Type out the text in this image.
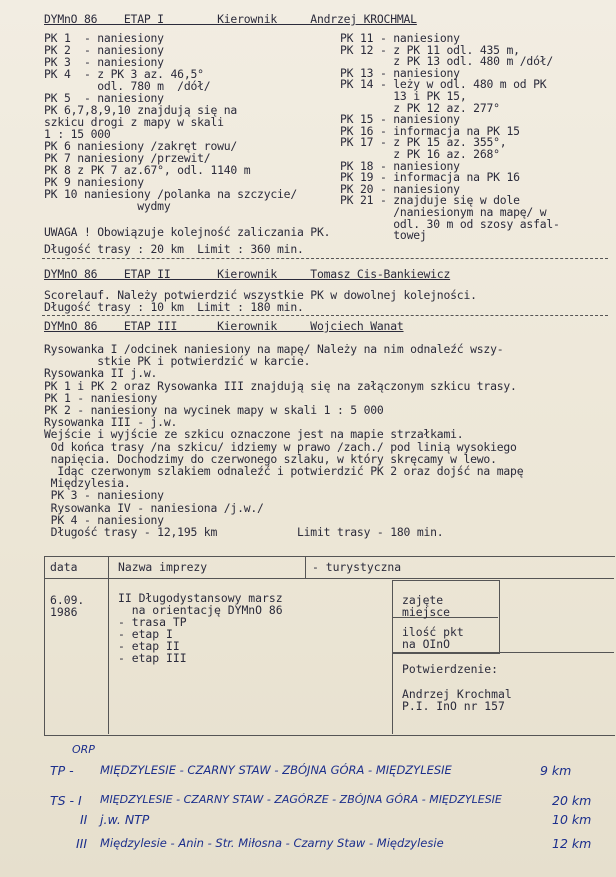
DYMnO 86    ETAP I        Kierownik     Andrzej KROCHMAL
PK 1  - naniesiony
PK 2  - naniesiony
PK 3  - naniesiony
PK 4  - z PK 3 az. 46,5°
odl. 780 m  /dół/
PK 5  - naniesiony
PK 6,7,8,9,10 znajdują się na
szkicu drogi z mapy w skali
1 : 15 000
PK 6 naniesiony /zakręt rowu/
PK 7 naniesiony /przewit/
PK 8 z PK 7 az.67°, odl. 1140 m
PK 9 naniesiony
PK 10 naniesiony /polanka na szczycie/
wydmy
PK 11 - naniesiony
PK 12 - z PK 11 odl. 435 m,
z PK 13 odl. 480 m /dół/
PK 13 - naniesiony
PK 14 - leży w odl. 480 m od PK
13 i PK 15,
z PK 12 az. 277°
PK 15 - naniesiony
PK 16 - informacja na PK 15
PK 17 - z PK 15 az. 355°,
z PK 16 az. 268°
PK 18 - naniesiony
PK 19 - informacja na PK 16
PK 20 - naniesiony
PK 21 - znajduje się w dole
/naniesionym na mapę/ w
odl. 30 m od szosy asfal-
towej
UWAGA ! Obowiązuje kolejność zaliczania PK.
Długość trasy : 20 km  Limit : 360 min.
DYMnO 86    ETAP II       Kierownik     Tomasz Cis-Bankiewicz
Scorelauf. Należy potwierdzić wszystkie PK w dowolnej kolejności.
Długość trasy : 10 km  Limit : 180 min.
DYMnO 86    ETAP III      Kierownik     Wojciech Wanat
Rysowanka I /odcinek naniesiony na mapę/ Należy na nim odnaleźć wszy-
stkie PK i potwierdzić w karcie.
Rysowanka II j.w.
PK 1 i PK 2 oraz Rysowanka III znajdują się na załączonym szkicu trasy.
PK 1 - naniesiony
PK 2 - naniesiony na wycinek mapy w skali 1 : 5 000
Rysowanka III - j.w.
Wejście i wyjście ze szkicu oznaczone jest na mapie strzałkami.
Od końca trasy /na szkicu/ idziemy w prawo /zach./ pod linią wysokiego
napięcia. Dochodzimy do czerwonego szlaku, w który skręcamy w lewo.
Idąc czerwonym szlakiem odnaleźć i potwierdzić PK 2 oraz dojść na mapę
Międzylesia.
PK 3 - naniesiony
Rysowanka IV - naniesiona /j.w./
PK 4 - naniesiony
Długość trasy - 12,195 km            Limit trasy - 180 min.
data	Nazwa imprezy	- turystyczna
6.09.
1986
II Długodystansowy marsz
na orientację DYMnO 86
- trasa TP
- etap I
- etap II
- etap III
zajęte
miejsce
ilość pkt
na OInO
Potwierdzenie:
Andrzej Krochmal
P.I. InO nr 157
ORP
TP - MIĘDZYLESIE - CZARNY STAW - ZBÓJNA GÓRA - MIĘDZYLESIE	9 km
TS - I MIĘDZYLESIE - CZARNY STAW - ZAGÓRZE - ZBÓJNA GÓRA - MIĘDZYLESIE	20 km
II j.w. NTP	10 km
III Międzylesie - Anin - Str. Miłosna - Czarny Staw - Międzylesie	12 km
